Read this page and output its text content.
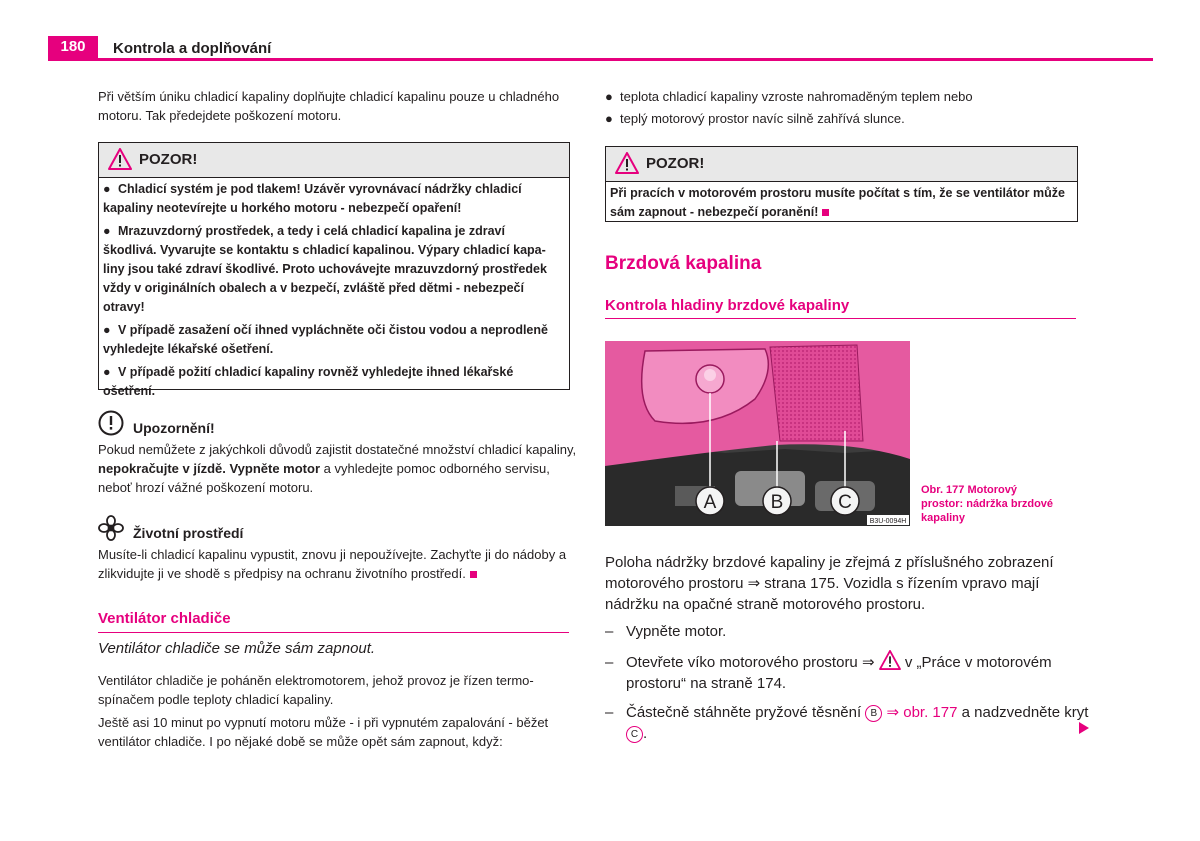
180	Kontrola a doplňování
Při větším úniku chladicí kapaliny doplňujte chladicí kapalinu pouze u chladného
motoru. Tak předejdete poškození motoru.
POZOR!
● Chladicí systém je pod tlakem! Uzávěr vyrovnávací nádržky chladicí
kapaliny neotevírejte u horkého motoru - nebezpečí opaření!
● Mrazuvzdorný prostředek, a tedy i celá chladicí kapalina je zdraví
škodlivá. Vyvarujte se kontaktu s chladicí kapalinou. Výpary chladicí kapa-
liny jsou také zdraví škodlivé. Proto uchovávejte mrazuvzdorný prostředek
vždy v originálních obalech a v bezpečí, zvláště před dětmi - nebezpečí
otravy!
● V případě zasažení očí ihned vypláchněte oči čistou vodou a neprodleně
vyhledejte lékařské ošetření.
● V případě požití chladicí kapaliny rovněž vyhledejte ihned lékařské
ošetření.
Upozornění!
Pokud nemůžete z jakýchkoli důvodů zajistit dostatečné množství chladicí kapaliny,
nepokračujte v jízdě. Vypněte motor a vyhledejte pomoc odborného servisu,
neboť hrozí vážné poškození motoru.
Životní prostředí
Musíte-li chladicí kapalinu vypustit, znovu ji nepoužívejte. Zachyťte ji do nádoby a
zlikvidujte ji ve shodě s předpisy na ochranu životního prostředí.
Ventilátor chladiče
Ventilátor chladiče se může sám zapnout.
Ventilátor chladiče je poháněn elektromotorem, jehož provoz je řízen termo-
spínačem podle teploty chladicí kapaliny.
Ještě asi 10 minut po vypnutí motoru může - i při vypnutém zapalování - běžet
ventilátor chladiče. I po nějaké době se může opět sám zapnout, když:
● teplota chladicí kapaliny vzroste nahromaděným teplem nebo
● teplý motorový prostor navíc silně zahřívá slunce.
POZOR!
Při pracích v motorovém prostoru musíte počítat s tím, že se ventilátor může
sám zapnout - nebezpečí poranění!
Brzdová kapalina
Kontrola hladiny brzdové kapaliny
A	B	C
B3U-0094H
Obr. 177 Motorový
prostor: nádržka brzdové
kapaliny
Poloha nádržky brzdové kapaliny je zřejmá z příslušného zobrazení
motorového prostoru ⇒ strana 175. Vozidla s řízením vpravo mají
nádržku na opačné straně motorového prostoru.
– Vypněte motor.
– Otevřete víko motorového prostoru ⇒  v „Práce v motorovém
prostoru“ na straně 174.
– Částečně stáhněte pryžové těsnění B ⇒ obr. 177 a nadzvedněte kryt
C .
